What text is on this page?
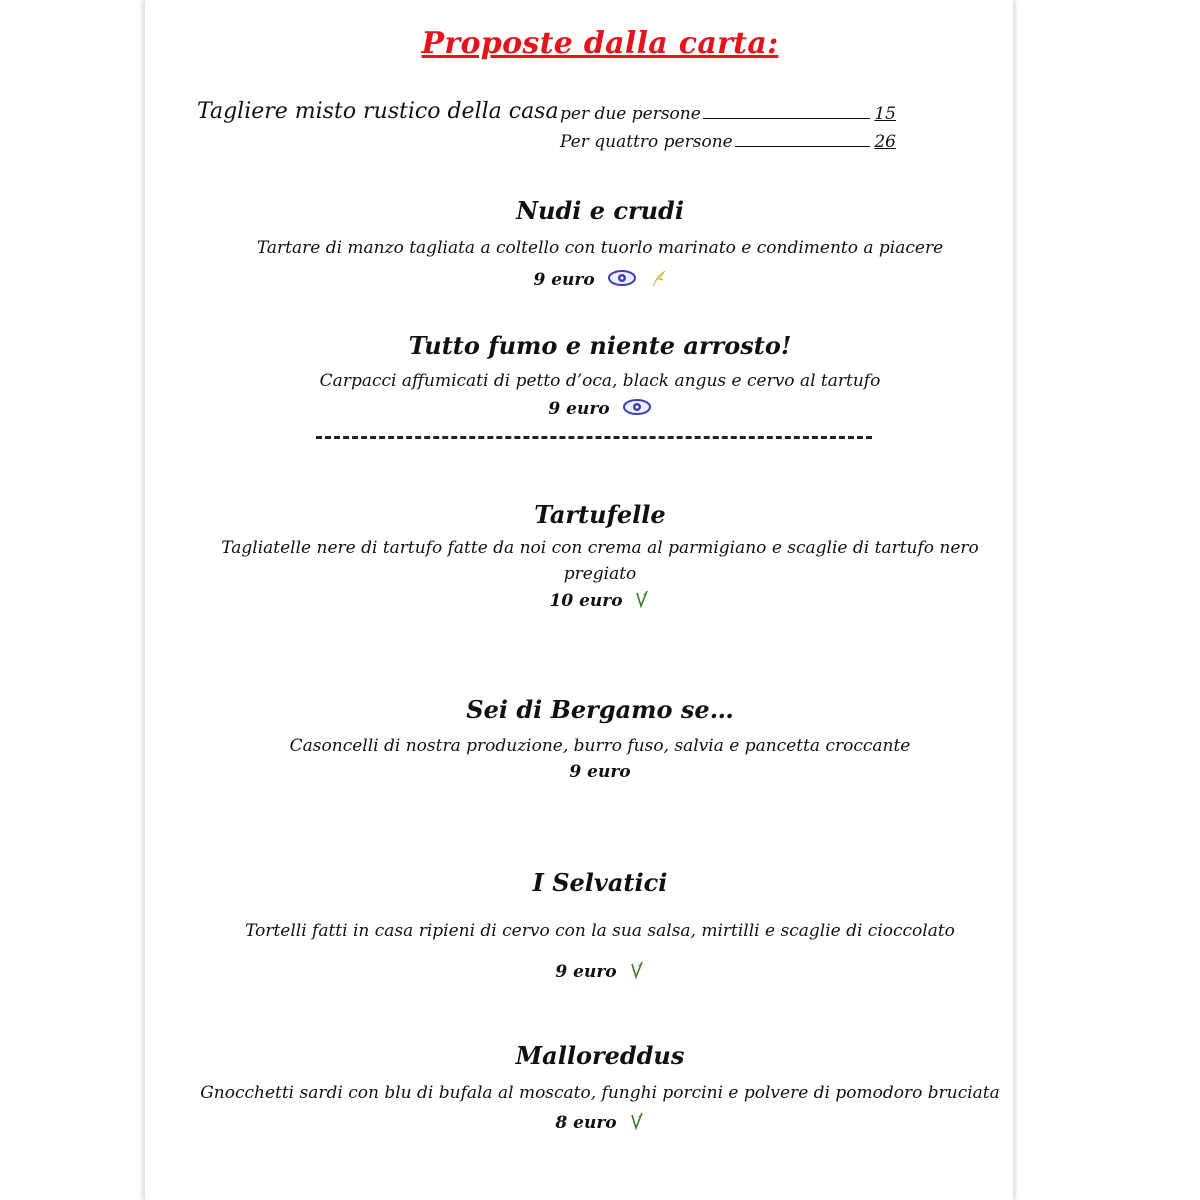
Proposte dalla carta:
Tagliere misto rustico della casa per due persone	15
Per quattro persone	26
Nudi e crudi
Tartare di manzo tagliata a coltello con tuorlo marinato e condimento a piacere
9 euro
Tutto fumo e niente arrosto!
Carpacci affumicati di petto d’oca, black angus e cervo al tartufo
9 euro
Tartufelle
Tagliatelle nere di tartufo fatte da noi con crema al parmigiano e scaglie di tartufo nero pregiato
10 euro
Sei di Bergamo se…
Casoncelli di nostra produzione, burro fuso, salvia e pancetta croccante
9 euro
I Selvatici
Tortelli fatti in casa ripieni di cervo con la sua salsa, mirtilli e scaglie di cioccolato
9 euro
Malloreddus
Gnocchetti sardi con blu di bufala al moscato, funghi porcini e polvere di pomodoro bruciata
8 euro
